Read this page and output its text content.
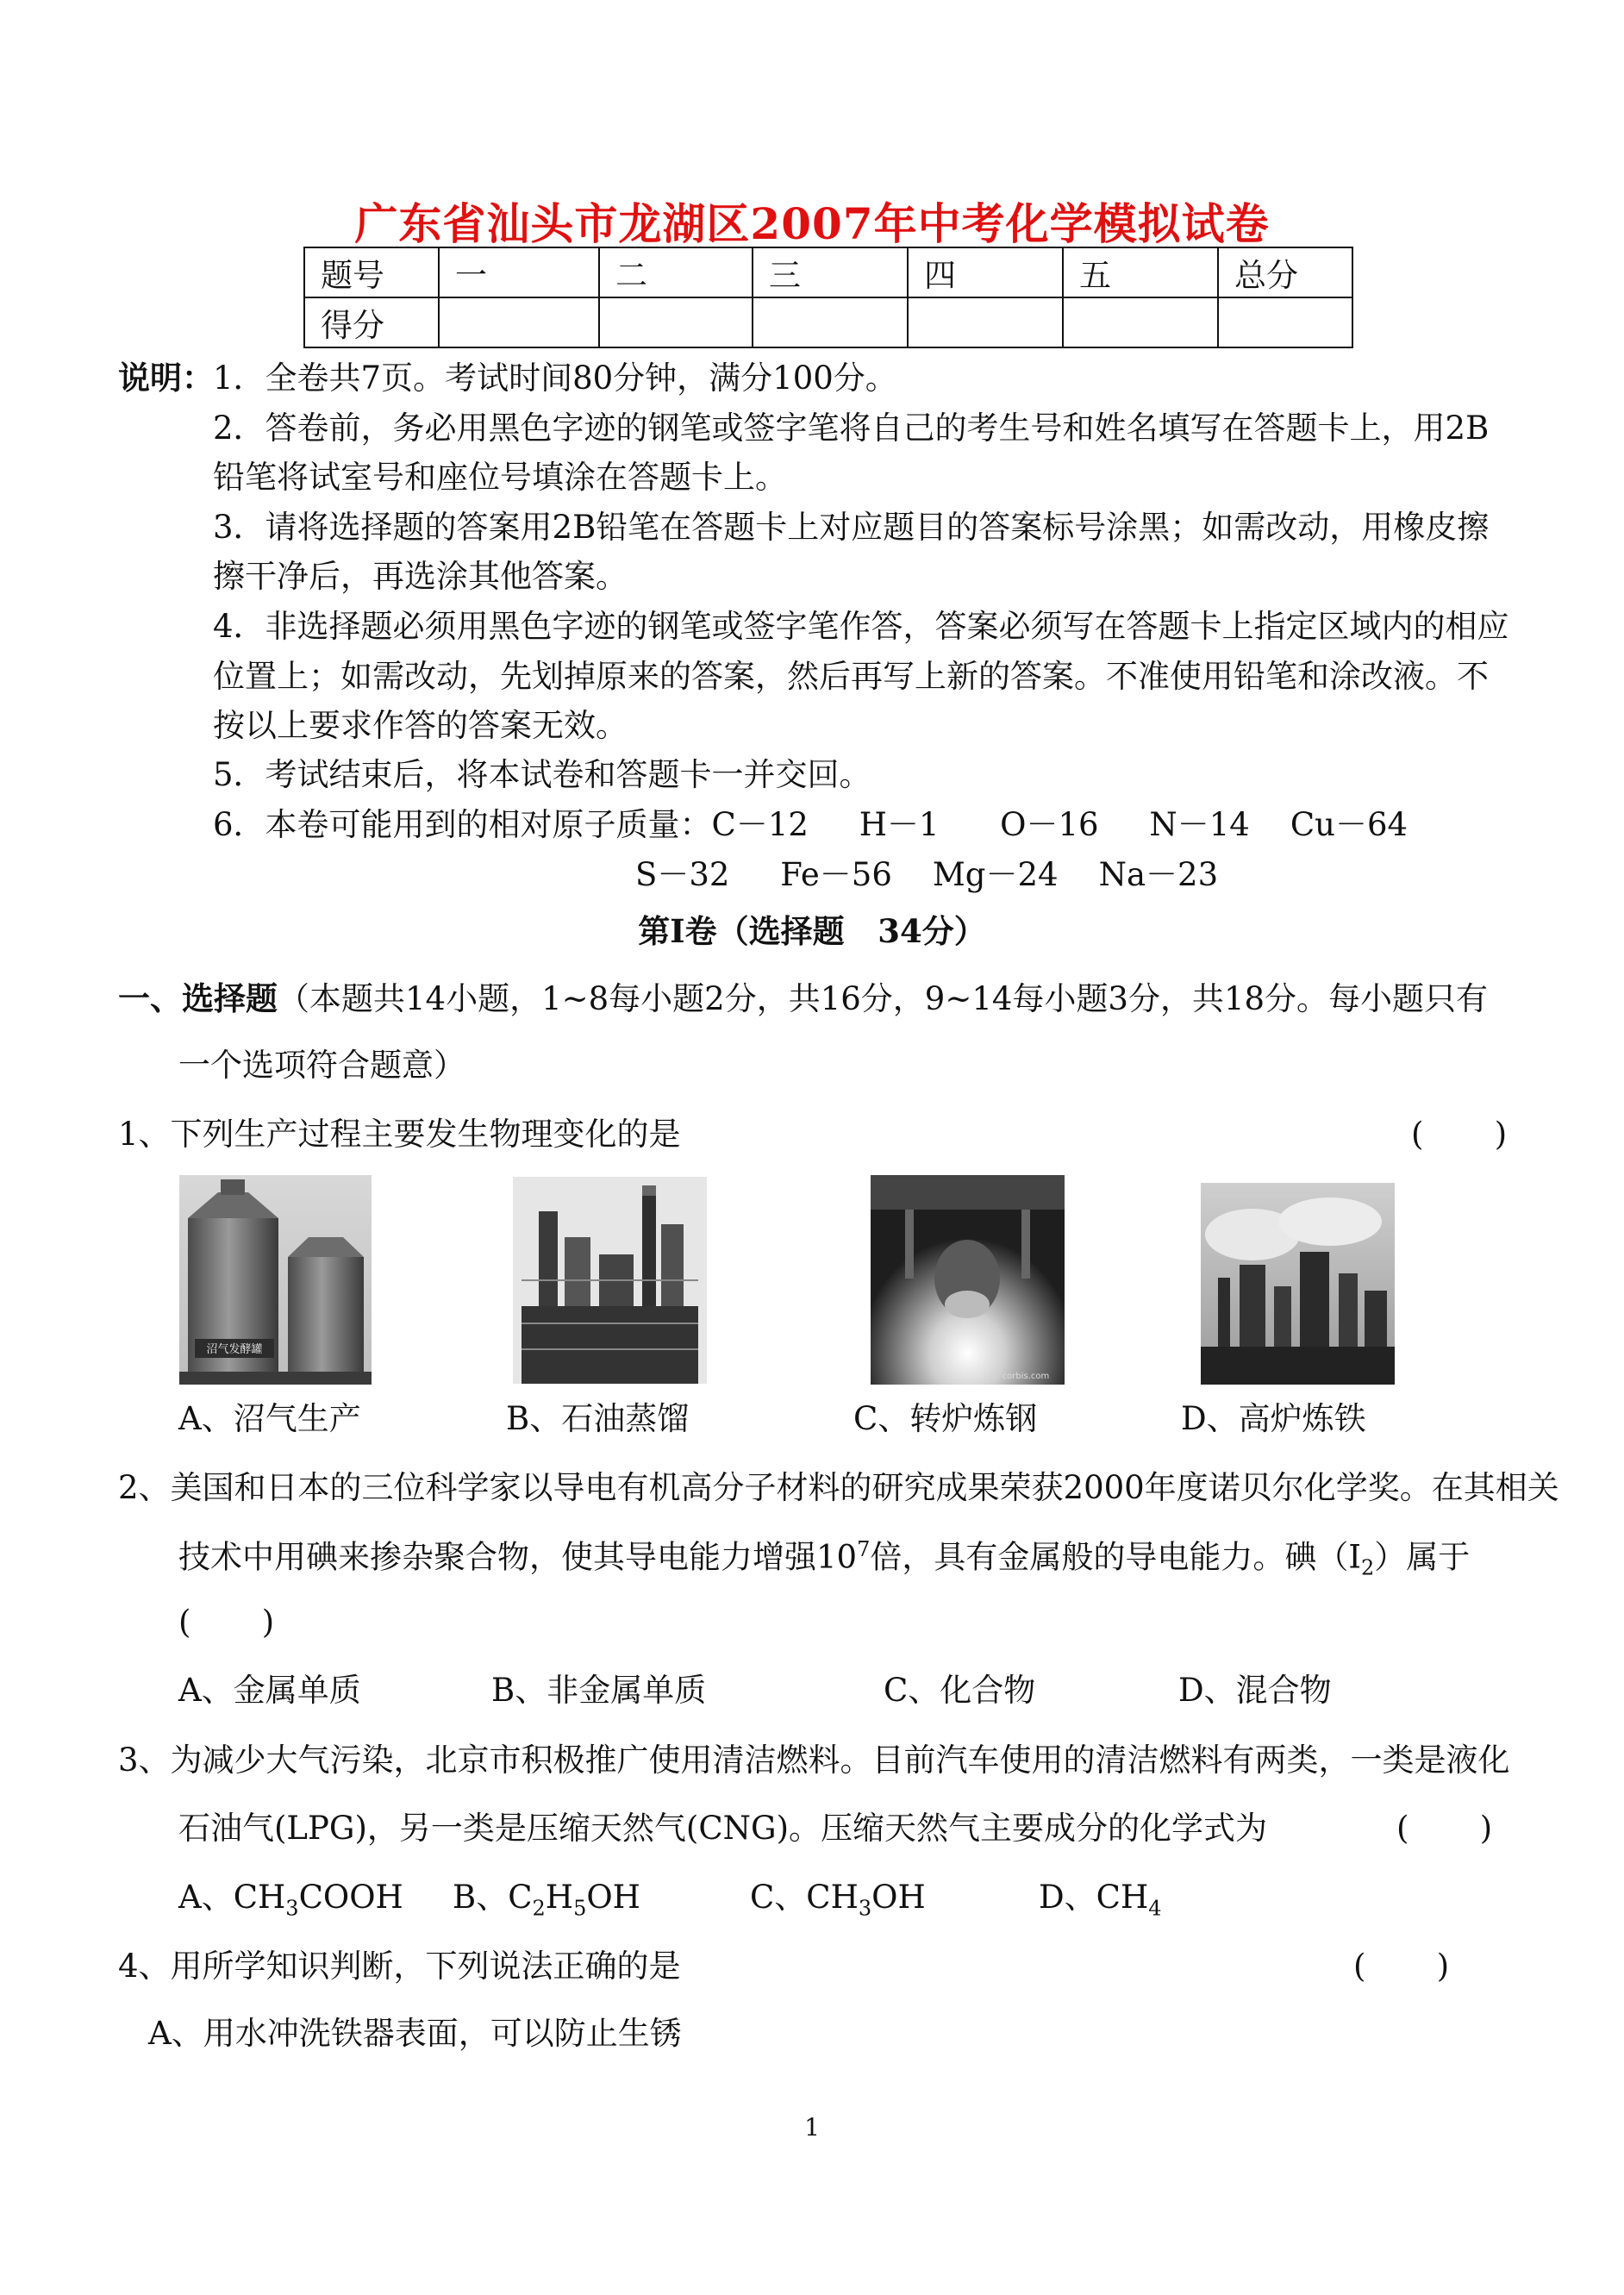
广东省汕头市龙湖区2007年中考化学模拟试卷
题号	一	二	三	四	五	总分
得分						
说明： 1．全卷共7页。考试时间80分钟，满分100分。
2．答卷前，务必用黑色字迹的钢笔或签字笔将自己的考生号和姓名填写在答题卡上，用2B
铅笔将试室号和座位号填涂在答题卡上。
3．请将选择题的答案用2B铅笔在答题卡上对应题目的答案标号涂黑；如需改动，用橡皮擦
擦干净后，再选涂其他答案。
4．非选择题必须用黑色字迹的钢笔或签字笔作答，答案必须写在答题卡上指定区域内的相应
位置上；如需改动，先划掉原来的答案，然后再写上新的答案。不准使用铅笔和涂改液。不
按以上要求作答的答案无效。
5．考试结束后，将本试卷和答题卡一并交回。
6．本卷可能用到的相对原子质量：C－12     H－1      O－16     N－14    Cu－64
S－32     Fe－56    Mg－24    Na－23
第Ⅰ卷（选择题   34分）
一、选择题（本题共14小题，1~8每小题2分，共16分，9~14每小题3分，共18分。每小题只有
一个选项符合题意）
1、下列生产过程主要发生物理变化的是	(       )
沼气发酵罐
corbis.com
A、沼气生产	B、石油蒸馏	C、转炉炼钢	D、高炉炼铁
2、美国和日本的三位科学家以导电有机高分子材料的研究成果荣获2000年度诺贝尔化学奖。在其相关
技术中用碘来掺杂聚合物，使其导电能力增强$10^7$倍，具有金属般的导电能力。碘$(I_2)$属于
(       )
A、金属单质	B、非金属单质	C、化合物	D、混合物
3、为减少大气污染，北京市积极推广使用清洁燃料。目前汽车使用的清洁燃料有两类，一类是液化
石油气(LPG)，另一类是压缩天然气(CNG)。压缩天然气主要成分的化学式为	(       )
A、$CH_3COOH$ B、$C_2H_5OH$	C、$CH_3OH$	D、$CH_4$
4、用所学知识判断，下列说法正确的是	(       )
A、用水冲洗铁器表面，可以防止生锈
1
